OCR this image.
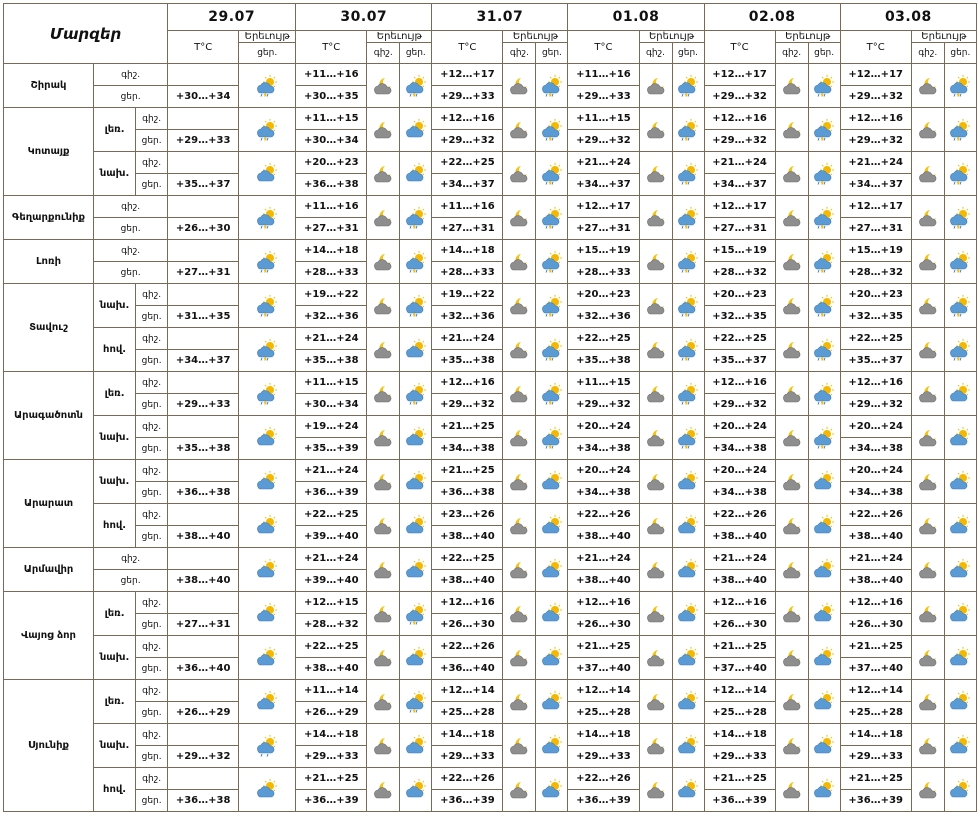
Մարզեր			29.07		30.07			31.07			01.08			02.08			03.08		
			T°C	Երեւույթ	T°C	Երեւույթ		T°C	Երեւույթ		T°C	Երեւույթ		T°C	Երեւույթ		T°C	Երեւույթ	
				ցեր.		գիշ.	ցեր.		գիշ.	ցեր.		գիշ.	ցեր.		գիշ.	ցեր.		գիշ.	ցեր.
Շիրակ	գիշ.				+11…+16			+12…+17			+11…+16			+12…+17			+12…+17	

	ցեր.		+30…+34		+30…+35			+29…+33			+29…+33			+29…+32			+29…+32		
Կոտայք	լեռ.	գիշ.			+11…+15			+12…+16			+11…+15			+12…+16			+12…+16	

		ցեր.	+29…+33		+30…+34			+29…+32			+29…+32			+29…+32			+29…+32		
	նախ.	գիշ.			+20…+23			+22…+25			+21…+24			+21…+24			+21…+24	

		ցեր.	+35…+37		+36…+38			+34…+37			+34…+37			+34…+37			+34…+37		
Գեղարքունիք	գիշ.				+11…+16			+11…+16			+12…+17			+12…+17			+12…+17	

	ցեր.		+26…+30		+27…+31			+27…+31			+27…+31			+27…+31			+27…+31		
Լոռի	գիշ.				+14…+18			+14…+18			+15…+19			+15…+19			+15…+19	

	ցեր.		+27…+31		+28…+33			+28…+33			+28…+33			+28…+32			+28…+32		
Տավուշ	նախ.	գիշ.			+19…+22			+19…+22			+20…+23			+20…+23			+20…+23	

		ցեր.	+31…+35		+32…+36			+32…+36			+32…+36			+32…+35			+32…+35		
	հով.	գիշ.			+21…+24			+21…+24			+22…+25			+22…+25			+22…+25	

		ցեր.	+34…+37		+35…+38			+35…+38			+35…+38			+35…+37			+35…+37		
Արագածոտն	լեռ.	գիշ.			+11…+15			+12…+16			+11…+15			+12…+16			+12…+16	

		ցեր.	+29…+33		+30…+34			+29…+32			+29…+32			+29…+32			+29…+32		
	նախ.	գիշ.			+19…+24			+21…+25			+20…+24			+20…+24			+20…+24	

		ցեր.	+35…+38		+35…+39			+34…+38			+34…+38			+34…+38			+34…+38		
Արարատ	նախ.	գիշ.			+21…+24			+21…+25			+20…+24			+20…+24			+20…+24	

		ցեր.	+36…+38		+36…+39			+36…+38			+34…+38			+34…+38			+34…+38		
	հով.	գիշ.			+22…+25			+23…+26			+22…+26			+22…+26			+22…+26	

		ցեր.	+38…+40		+39…+40			+38…+40			+38…+40			+38…+40			+38…+40		
Արմավիր	գիշ.				+21…+24			+22…+25			+21…+24			+21…+24			+21…+24	

	ցեր.		+38…+40		+39…+40			+38…+40			+38…+40			+38…+40			+38…+40		
Վայոց ձոր	լեռ.	գիշ.			+12…+15			+12…+16			+12…+16			+12…+16			+12…+16	

		ցեր.	+27…+31		+28…+32			+26…+30			+26…+30			+26…+30			+26…+30		
	նախ.	գիշ.			+22…+25			+22…+26			+21…+25			+21…+25			+21…+25	

		ցեր.	+36…+40		+38…+40			+36…+40			+37…+40			+37…+40			+37…+40		
Սյունիք	լեռ.	գիշ.			+11…+14			+12…+14			+12…+14			+12…+14			+12…+14	

		ցեր.	+26…+29		+26…+29			+25…+28			+25…+28			+25…+28			+25…+28		
	նախ.	գիշ.			+14…+18			+14…+18			+14…+18			+14…+18			+14…+18	

		ցեր.	+29…+32		+29…+33			+29…+33			+29…+33			+29…+33			+29…+33		
	հով.	գիշ.			+21…+25			+22…+26			+22…+26			+21…+25			+21…+25	

		ցեր.	+36…+38		+36…+39			+36…+39			+36…+39			+36…+39			+36…+39		
